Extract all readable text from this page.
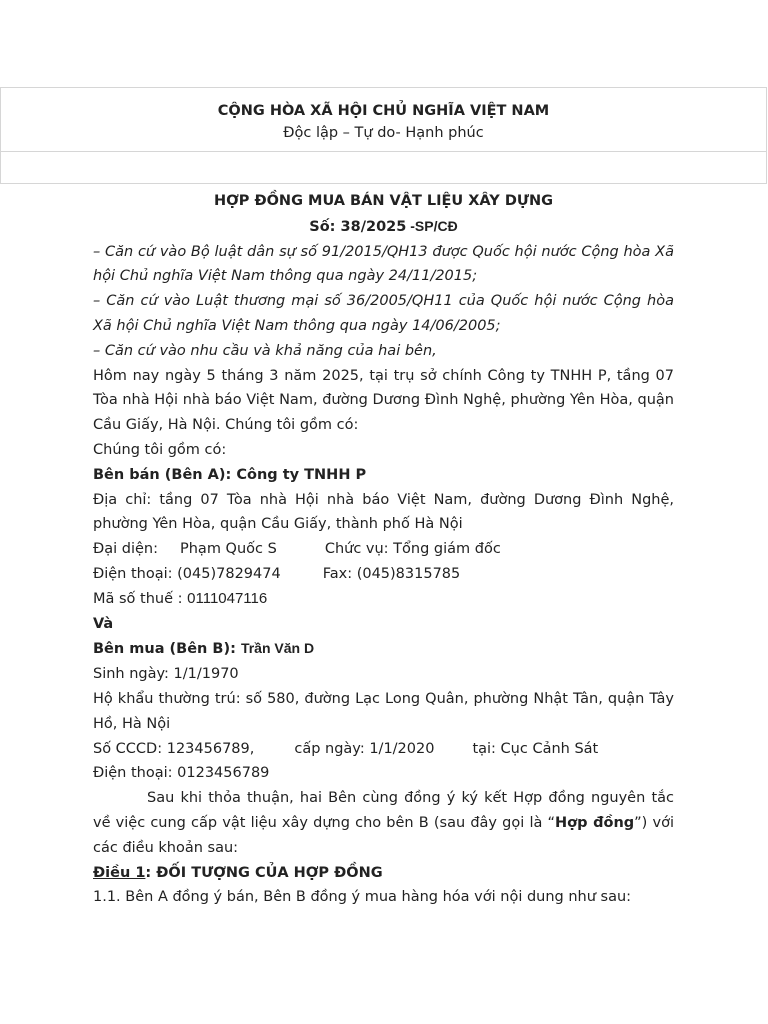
CỘNG HÒA XÃ HỘI CHỦ NGHĨA VIỆT NAM
Độc lập – Tự do- Hạnh phúc

HỢP ĐỒNG MUA BÁN VẬT LIỆU XÂY DỰNG

Số: 38/2025 -SP/CĐ

– Căn cứ vào Bộ luật dân sự số 91/2015/QH13 được Quốc hội nước Cộng hòa Xã hội Chủ nghĩa Việt Nam thông qua ngày 24/11/2015;

– Căn cứ vào Luật thương mại số 36/2005/QH11 của Quốc hội nước Cộng hòa Xã hội Chủ nghĩa Việt Nam thông qua ngày 14/06/2005;

– Căn cứ vào nhu cầu và khả năng của hai bên,

Hôm nay ngày 5 tháng 3 năm 2025, tại trụ sở chính Công ty TNHH P, tầng 07 Tòa nhà Hội nhà báo Việt Nam, đường Dương Đình Nghệ, phường Yên Hòa, quận Cầu Giấy, Hà Nội. Chúng tôi gồm có:

Chúng tôi gồm có:

Bên bán (Bên A): Công ty TNHH P

Địa chỉ: tầng 07 Tòa nhà Hội nhà báo Việt Nam, đường Dương Đình Nghệ, phường Yên Hòa, quận Cầu Giấy, thành phố Hà Nội

Đại diện: Phạm Quốc S	Chức vụ: Tổng giám đốc

Điện thoại: (045)7829474	Fax: (045)8315785

Mã số thuế : 0111047116

Và

Bên mua (Bên B): Trần Văn D

Sinh ngày: 1/1/1970

Hộ khẩu thường trú: số 580, đường Lạc Long Quân, phường Nhật Tân, quận Tây Hồ, Hà Nội

Số CCCD: 123456789,	cấp ngày: 1/1/2020	tại: Cục Cảnh Sát

Điện thoại: 0123456789

Sau khi thỏa thuận, hai Bên cùng đồng ý ký kết Hợp đồng nguyên tắc về việc cung cấp vật liệu xây dựng cho bên B (sau đây gọi là “Hợp đồng”) với các điều khoản sau:

Điều 1: ĐỐI TƯỢNG CỦA HỢP ĐỒNG

1.1. Bên A đồng ý bán, Bên B đồng ý mua hàng hóa với nội dung như sau:
